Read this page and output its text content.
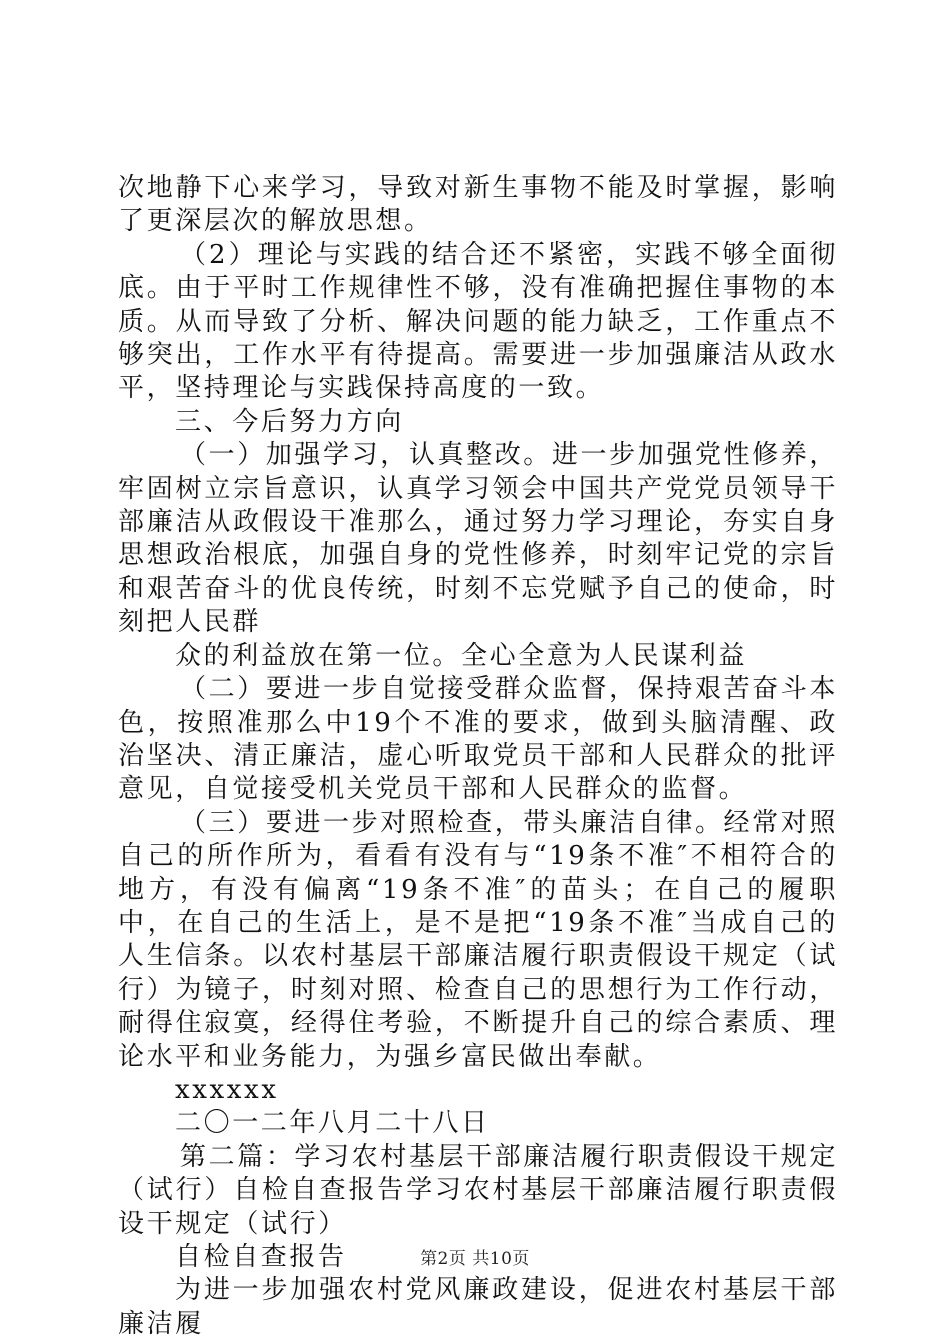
次地静下心来学习，导致对新生事物不能及时掌握，影响了更深层次的解放思想。

（2）理论与实践的结合还不紧密，实践不够全面彻底。由于平时工作规律性不够，没有准确把握住事物的本质。从而导致了分析、解决问题的能力缺乏，工作重点不够突出，工作水平有待提高。需要进一步加强廉洁从政水平，坚持理论与实践保持高度的一致。

三、今后努力方向

（一）加强学习，认真整改。进一步加强党性修养，牢固树立宗旨意识，认真学习领会中国共产党党员领导干部廉洁从政假设干准那么，通过努力学习理论，夯实自身思想政治根底，加强自身的党性修养，时刻牢记党的宗旨和艰苦奋斗的优良传统，时刻不忘党赋予自己的使命，时刻把人民群

众的利益放在第一位。全心全意为人民谋利益

（二）要进一步自觉接受群众监督，保持艰苦奋斗本色，按照准那么中19个不准的要求，做到头脑清醒、政治坚决、清正廉洁，虚心听取党员干部和人民群众的批评意见，自觉接受机关党员干部和人民群众的监督。

（三）要进一步对照检查，带头廉洁自律。经常对照自己的所作所为，看看有没有与“19条不准″不相符合的地方，有没有偏离“19条不准″的苗头；在自己的履职中，在自己的生活上，是不是把“19条不准″当成自己的人生信条。以农村基层干部廉洁履行职责假设干规定（试行）为镜子，时刻对照、检查自己的思想行为工作行动，耐得住寂寞，经得住考验，不断提升自己的综合素质、理论水平和业务能力，为强乡富民做出奉献。

xxxxxx

二〇一二年八月二十八日

第二篇：学习农村基层干部廉洁履行职责假设干规定（试行）自检自查报告学习农村基层干部廉洁履行职责假设干规定（试行）

自检自查报告

为进一步加强农村党风廉政建设，促进农村基层干部廉洁履

第2页 共10页
